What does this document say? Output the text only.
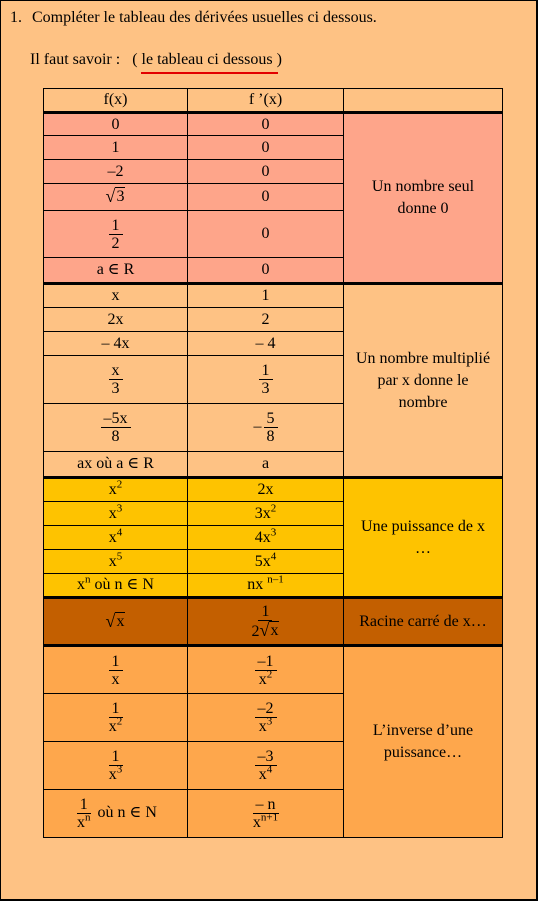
1. Compléter le tableau des dérivées usuelles ci dessous.
Il faut savoir : ( le tableau ci dessous )
f(x)	f ’(x)	
0	0	Un nombre seul donne 0
1	0	
–2	0	

√ 3	0	

$\frac{1}{2}$	0	
a ∈ R	0	
x	1	Un nombre multiplié par x donne le nombre
2x	2	
– 4x	– 4	

$\frac{x}{3}$	$\frac{1}{3}$

$\frac{-5x}{8}$	– $\frac{5}{8}$

ax où a ∈ R	a	
$x^2$	2x	Une puissance de x …
$x^3$	$3x^2$
$x^4$	$4x^3$
$x^5$	$5x^4$
$x^n$ où n ∈ N	nx $^{n-1}$

√ x	$\frac{1}{2 √ x}$	Racine carré de x…

$\frac{1}{x}$	$\frac{-1}{x^2}$	L’inverse d’une puissance…

$\frac{1}{x^2}$	$\frac{-2}{x^3}$

$\frac{1}{x^3}$	$\frac{-3}{x^4}$

$\frac{1}{x^n}$ où n ∈ N	$\frac{- n}{x^{n+1}}$
